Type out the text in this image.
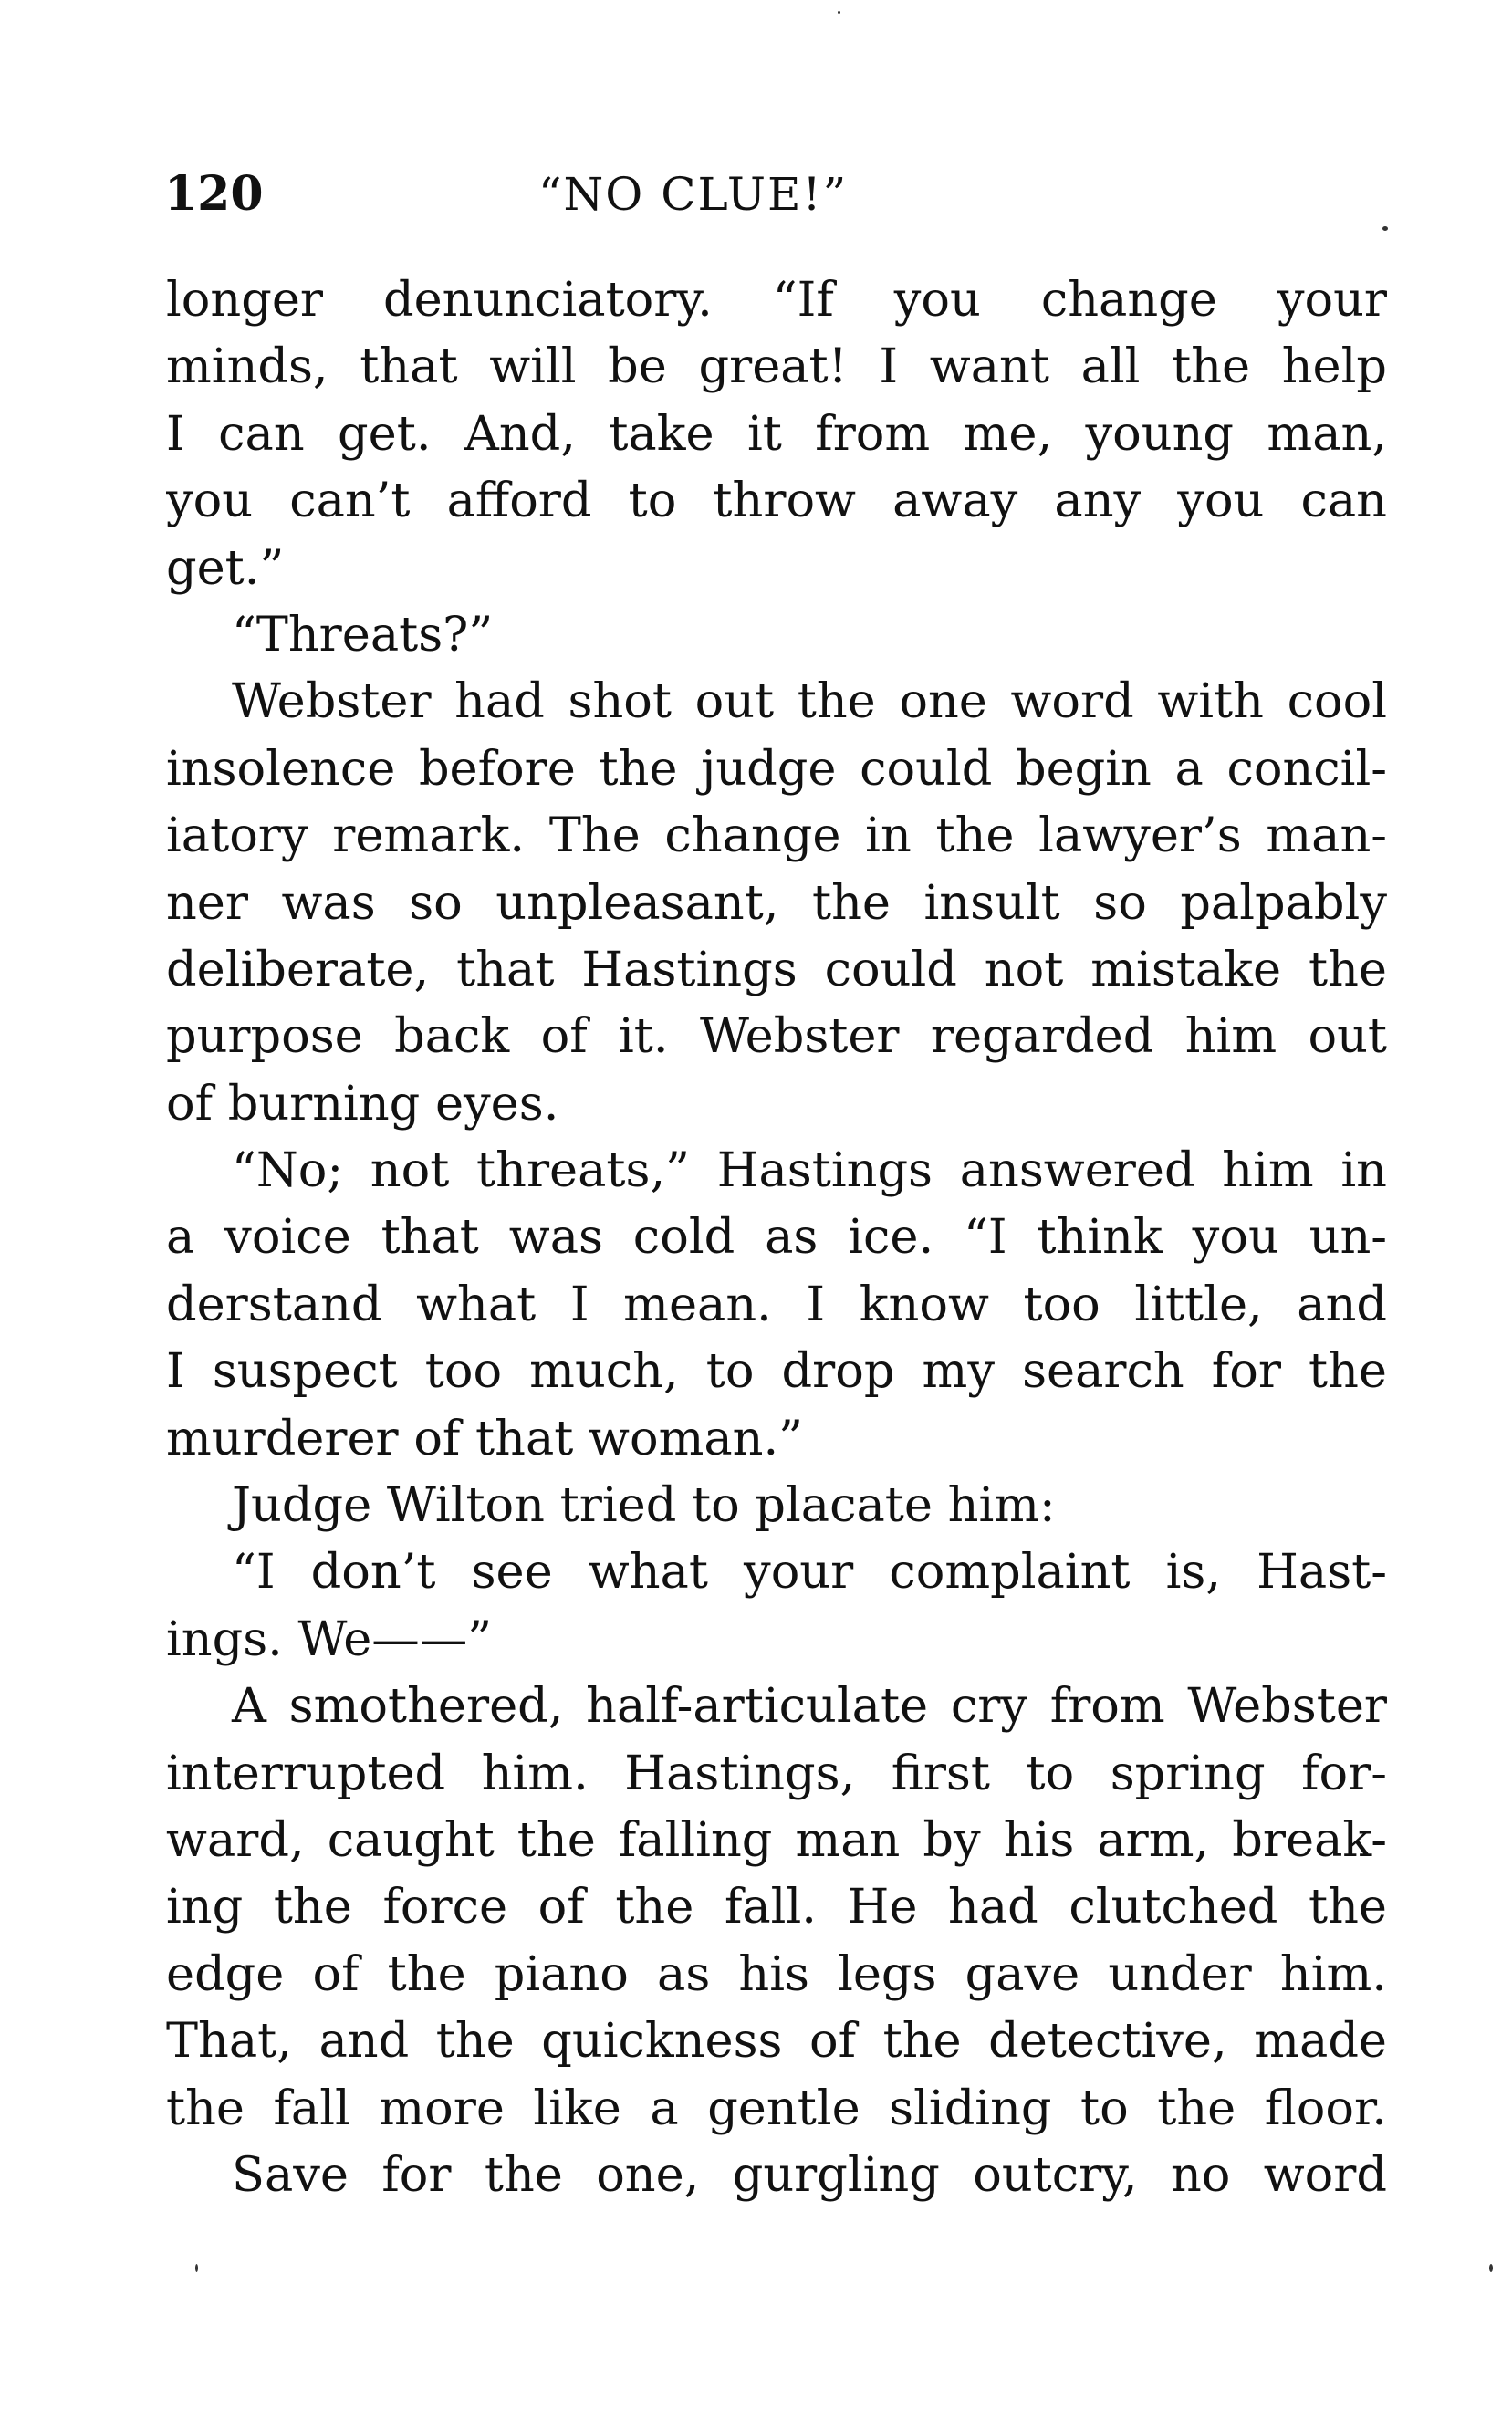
120	“NO CLUE!”
longer denunciatory. “If you change your
minds, that will be great! I want all the help
I can get. And, take it from me, young man,
you can’t afford to throw away any you can
get.”
“Threats?”
Webster had shot out the one word with cool
insolence before the judge could begin a concil-
iatory remark. The change in the lawyer’s man-
ner was so unpleasant, the insult so palpably
deliberate, that Hastings could not mistake the
purpose back of it. Webster regarded him out
of burning eyes.
“No; not threats,” Hastings answered him in
a voice that was cold as ice. “I think you un-
derstand what I mean. I know too little, and
I suspect too much, to drop my search for the
murderer of that woman.”
Judge Wilton tried to placate him:
“I don’t see what your complaint is, Hast-
ings. We——”
A smothered, half-articulate cry from Webster
interrupted him. Hastings, first to spring for-
ward, caught the falling man by his arm, break-
ing the force of the fall. He had clutched the
edge of the piano as his legs gave under him.
That, and the quickness of the detective, made
the fall more like a gentle sliding to the floor.
Save for the one, gurgling outcry, no word
